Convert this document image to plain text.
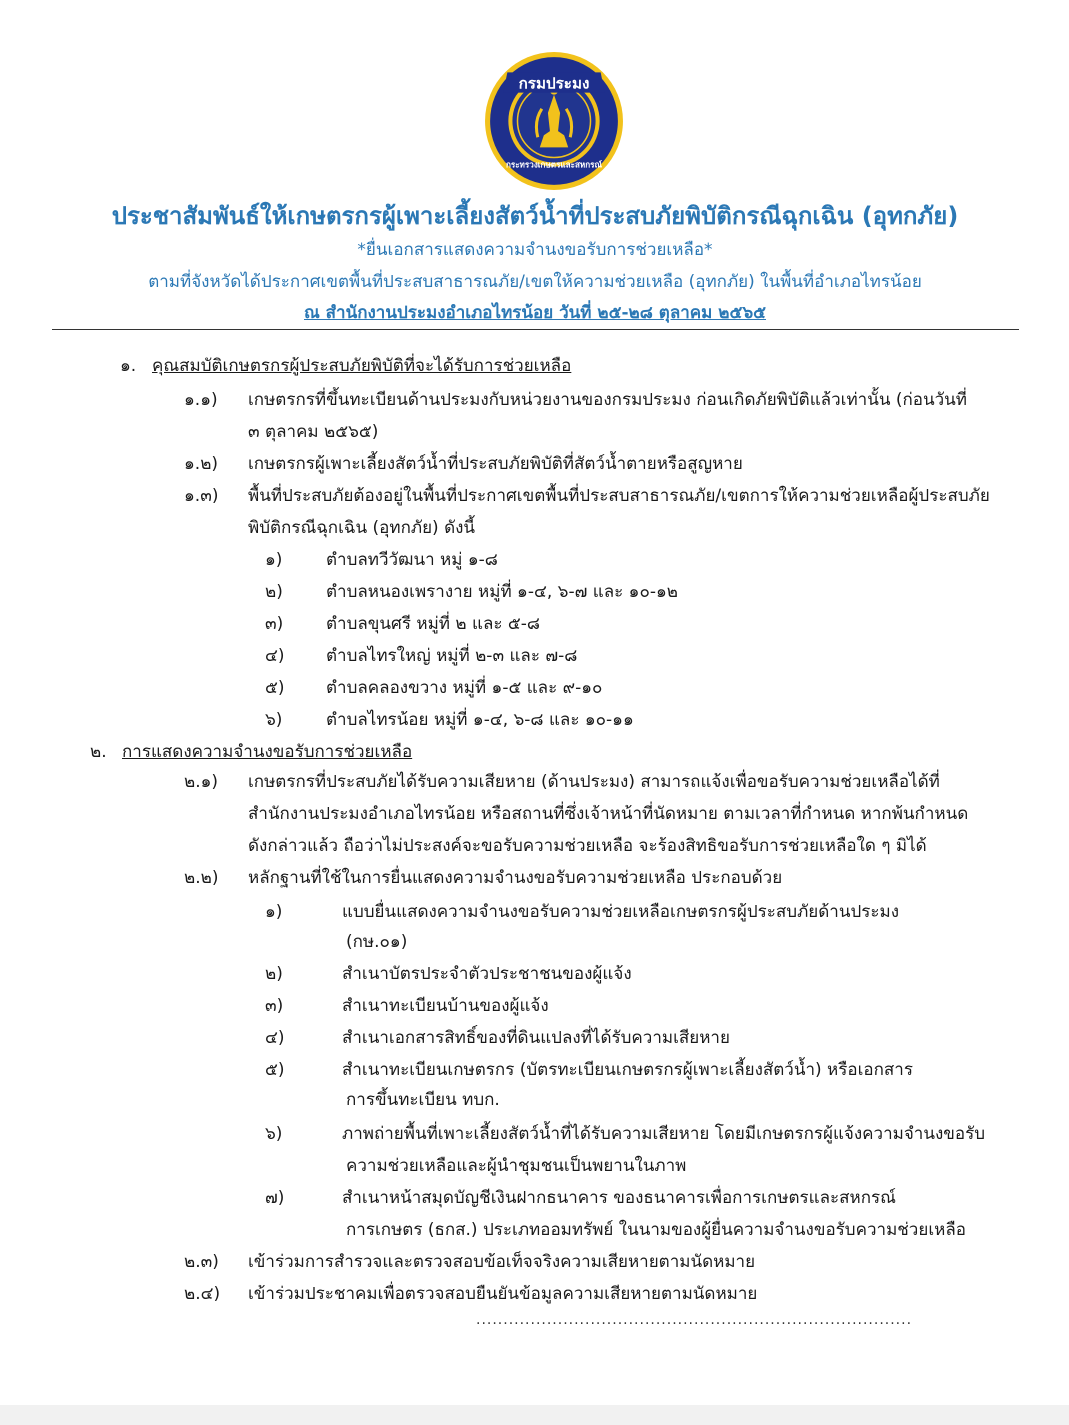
กรมประมง
กระทรวงเกษตรและสหกรณ์
ประชาสัมพันธ์ให้เกษตรกรผู้เพาะเลี้ยงสัตว์น้ำที่ประสบภัยพิบัติกรณีฉุกเฉิน (อุทกภัย)
*ยื่นเอกสารแสดงความจำนงขอรับการช่วยเหลือ*
ตามที่จังหวัดได้ประกาศเขตพื้นที่ประสบสาธารณภัย/เขตให้ความช่วยเหลือ (อุทกภัย) ในพื้นที่อำเภอไทรน้อย
ณ สำนักงานประมงอำเภอไทรน้อย วันที่ ๒๕-๒๘ ตุลาคม ๒๕๖๕
๑. คุณสมบัติเกษตรกรผู้ประสบภัยพิบัติที่จะได้รับการช่วยเหลือ
๑.๑) เกษตรกรที่ขึ้นทะเบียนด้านประมงกับหน่วยงานของกรมประมง ก่อนเกิดภัยพิบัติแล้วเท่านั้น (ก่อนวันที่
๓ ตุลาคม ๒๕๖๕)
๑.๒) เกษตรกรผู้เพาะเลี้ยงสัตว์น้ำที่ประสบภัยพิบัติที่สัตว์น้ำตายหรือสูญหาย
๑.๓) พื้นที่ประสบภัยต้องอยู่ในพื้นที่ประกาศเขตพื้นที่ประสบสาธารณภัย/เขตการให้ความช่วยเหลือผู้ประสบภัย
พิบัติกรณีฉุกเฉิน (อุทกภัย) ดังนี้
๑)	ตำบลทวีวัฒนา หมู่ ๑-๘
๒)	ตำบลหนองเพรางาย หมู่ที่ ๑-๔, ๖-๗ และ ๑๐-๑๒
๓)	ตำบลขุนศรี หมู่ที่ ๒ และ ๕-๘
๔) ตำบลไทรใหญ่ หมู่ที่ ๒-๓ และ ๗-๘
๕) ตำบลคลองขวาง หมู่ที่ ๑-๕ และ ๙-๑๐
๖)	ตำบลไทรน้อย หมู่ที่ ๑-๔, ๖-๘ และ ๑๐-๑๑
๒. การแสดงความจำนงขอรับการช่วยเหลือ
๒.๑) เกษตรกรที่ประสบภัยได้รับความเสียหาย (ด้านประมง) สามารถแจ้งเพื่อขอรับความช่วยเหลือได้ที่
สำนักงานประมงอำเภอไทรน้อย หรือสถานที่ซึ่งเจ้าหน้าที่นัดหมาย ตามเวลาที่กำหนด หากพ้นกำหนด
ดังกล่าวแล้ว ถือว่าไม่ประสงค์จะขอรับความช่วยเหลือ จะร้องสิทธิขอรับการช่วยเหลือใด ๆ มิได้
๒.๒) หลักฐานที่ใช้ในการยื่นแสดงความจำนงขอรับความช่วยเหลือ ประกอบด้วย
๑)	แบบยื่นแสดงความจำนงขอรับความช่วยเหลือเกษตรกรผู้ประสบภัยด้านประมง
(กษ.๐๑)
๒)	สำเนาบัตรประจำตัวประชาชนของผู้แจ้ง
๓)	สำเนาทะเบียนบ้านของผู้แจ้ง
๔)	สำเนาเอกสารสิทธิ์ของที่ดินแปลงที่ได้รับความเสียหาย
๕)	สำเนาทะเบียนเกษตรกร (บัตรทะเบียนเกษตรกรผู้เพาะเลี้ยงสัตว์น้ำ) หรือเอกสาร
การขึ้นทะเบียน ทบก.
๖)	ภาพถ่ายพื้นที่เพาะเลี้ยงสัตว์น้ำที่ได้รับความเสียหาย โดยมีเกษตรกรผู้แจ้งความจำนงขอรับ
ความช่วยเหลือและผู้นำชุมชนเป็นพยานในภาพ
๗)	สำเนาหน้าสมุดบัญชีเงินฝากธนาคาร ของธนาคารเพื่อการเกษตรและสหกรณ์
การเกษตร (ธกส.) ประเภทออมทรัพย์ ในนามของผู้ยื่นความจำนงขอรับความช่วยเหลือ
๒.๓) เข้าร่วมการสำรวจและตรวจสอบข้อเท็จจริงความเสียหายตามนัดหมาย
๒.๔) เข้าร่วมประชาคมเพื่อตรวจสอบยืนยันข้อมูลความเสียหายตามนัดหมาย
................................................................................
